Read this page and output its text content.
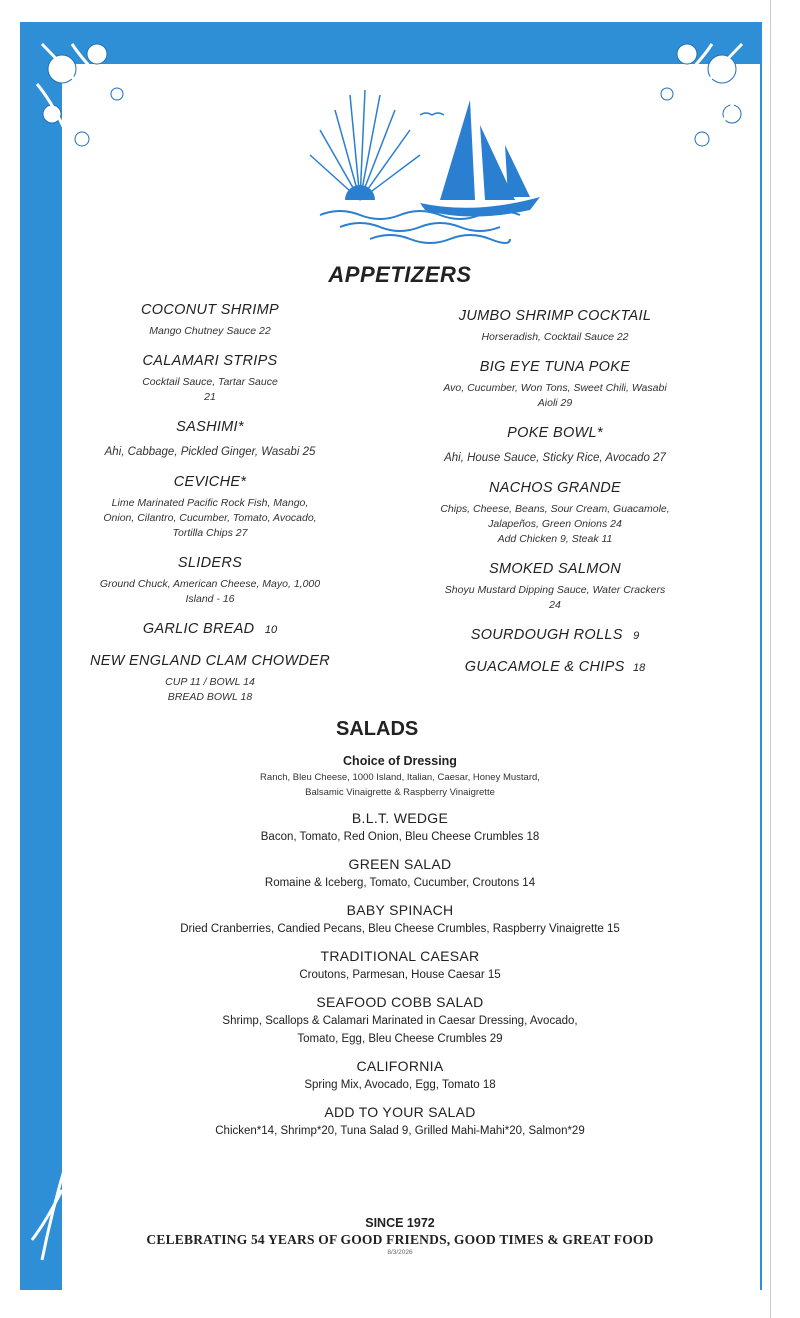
APPETIZERS
COCONUT SHRIMP
Mango Chutney Sauce 22
CALAMARI STRIPS
Cocktail Sauce, Tartar Sauce
21
SASHIMI*
Ahi, Cabbage, Pickled Ginger, Wasabi 25
CEVICHE*
Lime Marinated Pacific Rock Fish, Mango,
Onion, Cilantro, Cucumber, Tomato, Avocado,
Tortilla Chips 27
SLIDERS
Ground Chuck, American Cheese, Mayo, 1,000
Island - 16
GARLIC BREAD 10
NEW ENGLAND CLAM CHOWDER
CUP 11 / BOWL 14
BREAD BOWL 18
JUMBO SHRIMP COCKTAIL
Horseradish, Cocktail Sauce 22
BIG EYE TUNA POKE
Avo, Cucumber, Won Tons, Sweet Chili, Wasabi
Aioli 29
POKE BOWL*
Ahi, House Sauce, Sticky Rice, Avocado 27
NACHOS GRANDE
Chips, Cheese, Beans, Sour Cream, Guacamole,
Jalapeños, Green Onions 24
Add Chicken 9, Steak 11
SMOKED SALMON
Shoyu Mustard Dipping Sauce, Water Crackers
24
SOURDOUGH ROLLS 9
GUACAMOLE & CHIPS 18
SALADS
Choice of Dressing
Ranch, Bleu Cheese, 1000 Island, Italian, Caesar, Honey Mustard,
Balsamic Vinaigrette & Raspberry Vinaigrette
B.L.T. WEDGE
Bacon, Tomato, Red Onion, Bleu Cheese Crumbles 18
GREEN SALAD
Romaine & Iceberg, Tomato, Cucumber, Croutons 14
BABY SPINACH
Dried Cranberries, Candied Pecans, Bleu Cheese Crumbles, Raspberry Vinaigrette 15
TRADITIONAL CAESAR
Croutons, Parmesan, House Caesar 15
SEAFOOD COBB SALAD
Shrimp, Scallops & Calamari Marinated in Caesar Dressing, Avocado,
Tomato, Egg, Bleu Cheese Crumbles 29
CALIFORNIA
Spring Mix, Avocado, Egg, Tomato 18
ADD TO YOUR SALAD
Chicken*14, Shrimp*20, Tuna Salad 9, Grilled Mahi-Mahi*20, Salmon*29
SINCE 1972
CELEBRATING 54 YEARS OF GOOD FRIENDS, GOOD TIMES & GREAT FOOD
8/3/2026
